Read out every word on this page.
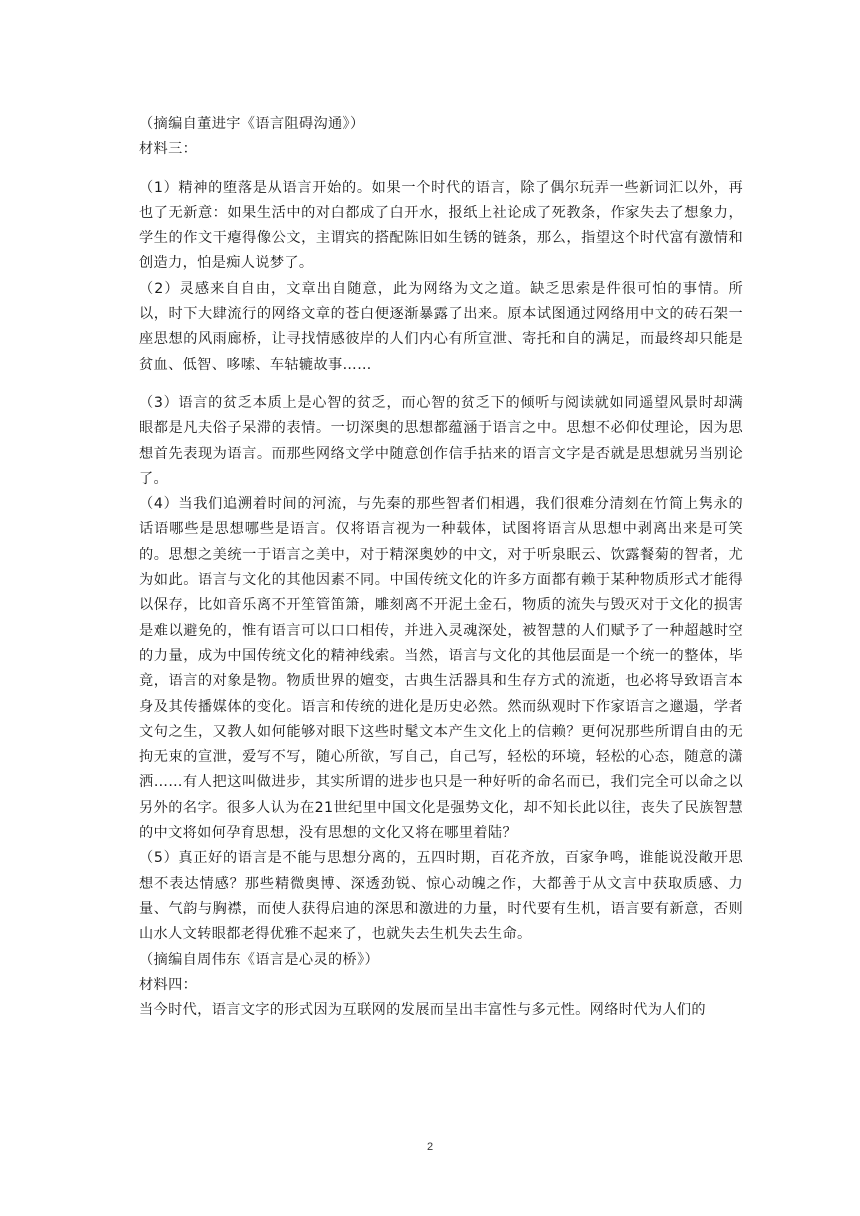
（摘编自董进宇《语言阻碍沟通》）

材料三：

（1）精神的堕落是从语言开始的。如果一个时代的语言，除了偶尔玩弄一些新词汇以外，再也了无新意：如果生活中的对白都成了白开水，报纸上社论成了死教条，作家失去了想象力，学生的作文干瘪得像公文，主谓宾的搭配陈旧如生锈的链条，那么，指望这个时代富有激情和创造力，怕是痴人说梦了。

（2）灵感来自自由，文章出自随意，此为网络为文之道。缺乏思索是件很可怕的事情。所以，时下大肆流行的网络文章的苍白便逐渐暴露了出来。原本试图通过网络用中文的砖石架一座思想的风雨廊桥，让寻找情感彼岸的人们内心有所宣泄、寄托和自的满足，而最终却只能是贫血、低智、哆嗦、车轱辘故事……

（3）语言的贫乏本质上是心智的贫乏，而心智的贫乏下的倾听与阅读就如同遥望风景时却满眼都是凡夫俗子呆滞的表情。一切深奥的思想都蕴涵于语言之中。思想不必仰仗理论，因为思想首先表现为语言。而那些网络文学中随意创作信手拈来的语言文字是否就是思想就另当别论了。

（4）当我们追溯着时间的河流，与先秦的那些智者们相遇，我们很难分清刻在竹简上隽永的话语哪些是思想哪些是语言。仅将语言视为一种载体，试图将语言从思想中剥离出来是可笑的。思想之美统一于语言之美中，对于精深奥妙的中文，对于听泉眠云、饮露餐菊的智者，尤为如此。语言与文化的其他因素不同。中国传统文化的许多方面都有赖于某种物质形式才能得以保存，比如音乐离不开笙管笛箫，雕刻离不开泥土金石，物质的流失与毁灭对于文化的损害是难以避免的，惟有语言可以口口相传，并进入灵魂深处，被智慧的人们赋予了一种超越时空的力量，成为中国传统文化的精神线索。当然，语言与文化的其他层面是一个统一的整体，毕竟，语言的对象是物。物质世界的嬗变，古典生活器具和生存方式的流逝，也必将导致语言本身及其传播媒体的变化。语言和传统的进化是历史必然。然而纵观时下作家语言之邋遢，学者文句之生，又教人如何能够对眼下这些时髦文本产生文化上的信赖？更何况那些所谓自由的无拘无束的宣泄，爱写不写，随心所欲，写自己，自己写，轻松的环境，轻松的心态，随意的潇洒……有人把这叫做进步，其实所谓的进步也只是一种好听的命名而已，我们完全可以命之以另外的名字。很多人认为在21世纪里中国文化是强势文化，却不知长此以往，丧失了民族智慧的中文将如何孕育思想，没有思想的文化又将在哪里着陆？

（5）真正好的语言是不能与思想分离的，五四时期，百花齐放，百家争鸣，谁能说没敞开思想不表达情感？那些精微奥博、深透劲锐、惊心动魄之作，大都善于从文言中获取质感、力量、气韵与胸襟，而使人获得启迪的深思和激进的力量，时代要有生机，语言要有新意，否则山水人文转眼都老得优雅不起来了，也就失去生机失去生命。

（摘编自周伟东《语言是心灵的桥》）

材料四：

当今时代，语言文字的形式因为互联网的发展而呈出丰富性与多元性。网络时代为人们的

2
